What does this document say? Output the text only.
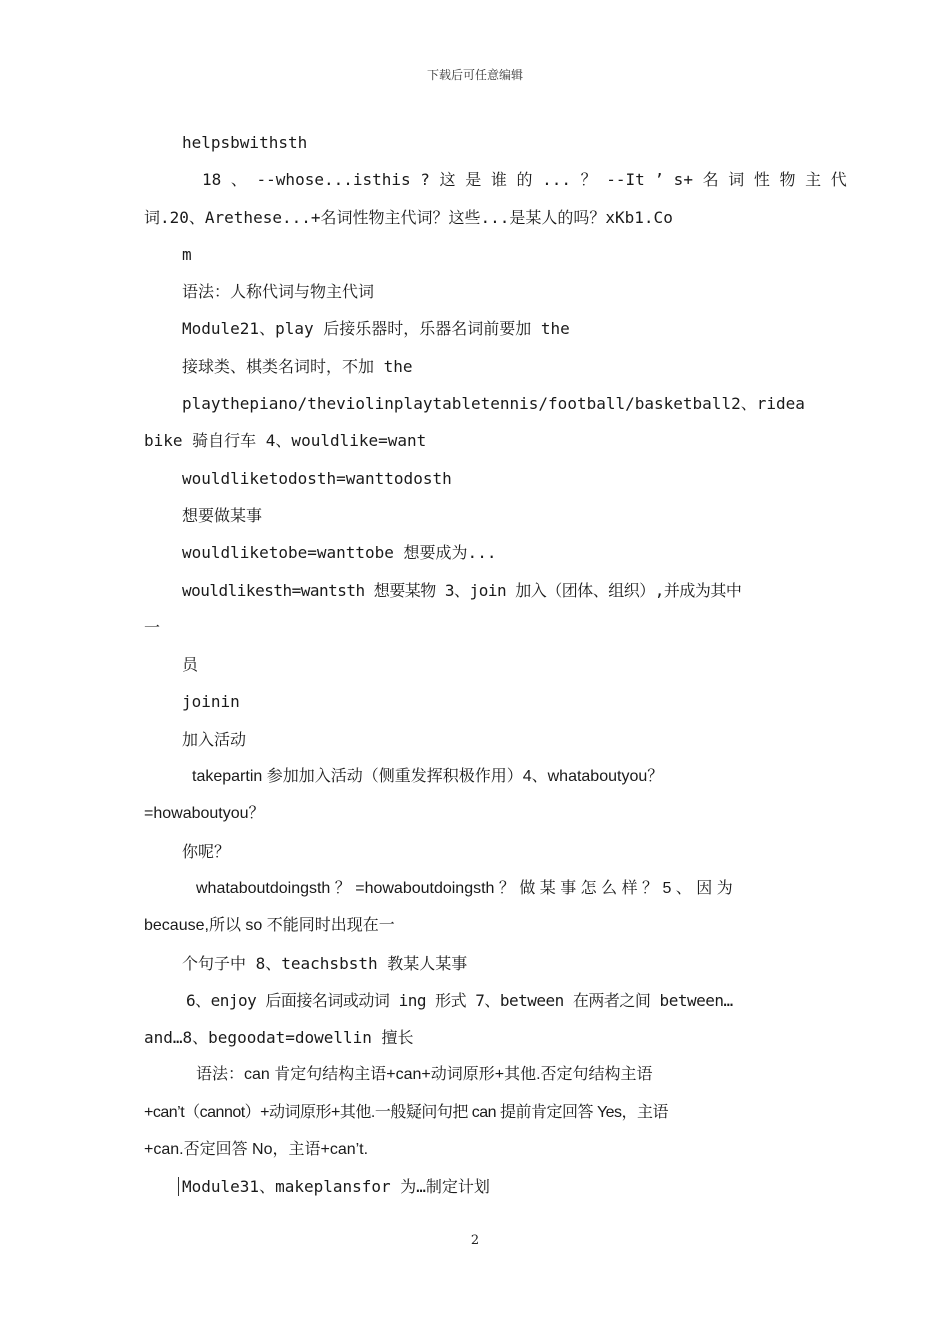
下载后可任意编辑
helpsbwithsth
18 、 --whose...isthis ? 这 是 谁 的 ... ？ --It ’ s+ 名 词 性 物 主 代
词.20、Arethese...+名词性物主代词？这些...是某人的吗？xKb1.Co
m
语法：人称代词与物主代词
Module21、play 后接乐器时，乐器名词前要加 the
接球类、棋类名词时，不加 the
playthepiano/theviolinplaytabletennis/football/basketball2、ridea
bike 骑自行车 4、wouldlike=want
wouldliketodosth=wanttodosth
想要做某事
wouldliketobe=wanttobe 想要成为...
wouldlikesth=wantsth 想要某物 3、join 加入（团体、组织）,并成为其中
一
员
joinin
加入活动
takepartin 参加加入活动（侧重发挥积极作用）4、whataboutyou？
=howaboutyou？
你呢？
whataboutdoingsth ？ =howaboutdoingsth ？ 做 某 事 怎 么 样 ？ 5 、 因 为
because,所以 so 不能同时出现在一
个句子中 8、teachsbsth 教某人某事
6、enjoy 后面接名词或动词 ing 形式 7、between 在两者之间 between…
and…8、begoodat=dowellin 擅长
语法：can 肯定句结构主语+can+动词原形+其他.否定句结构主语
+can’t（cannot）+动词原形+其他.一般疑问句把 can 提前肯定回答 Yes，主语
+can.否定回答 No，主语+can’t.
Module31、makeplansfor 为…制定计划
2
